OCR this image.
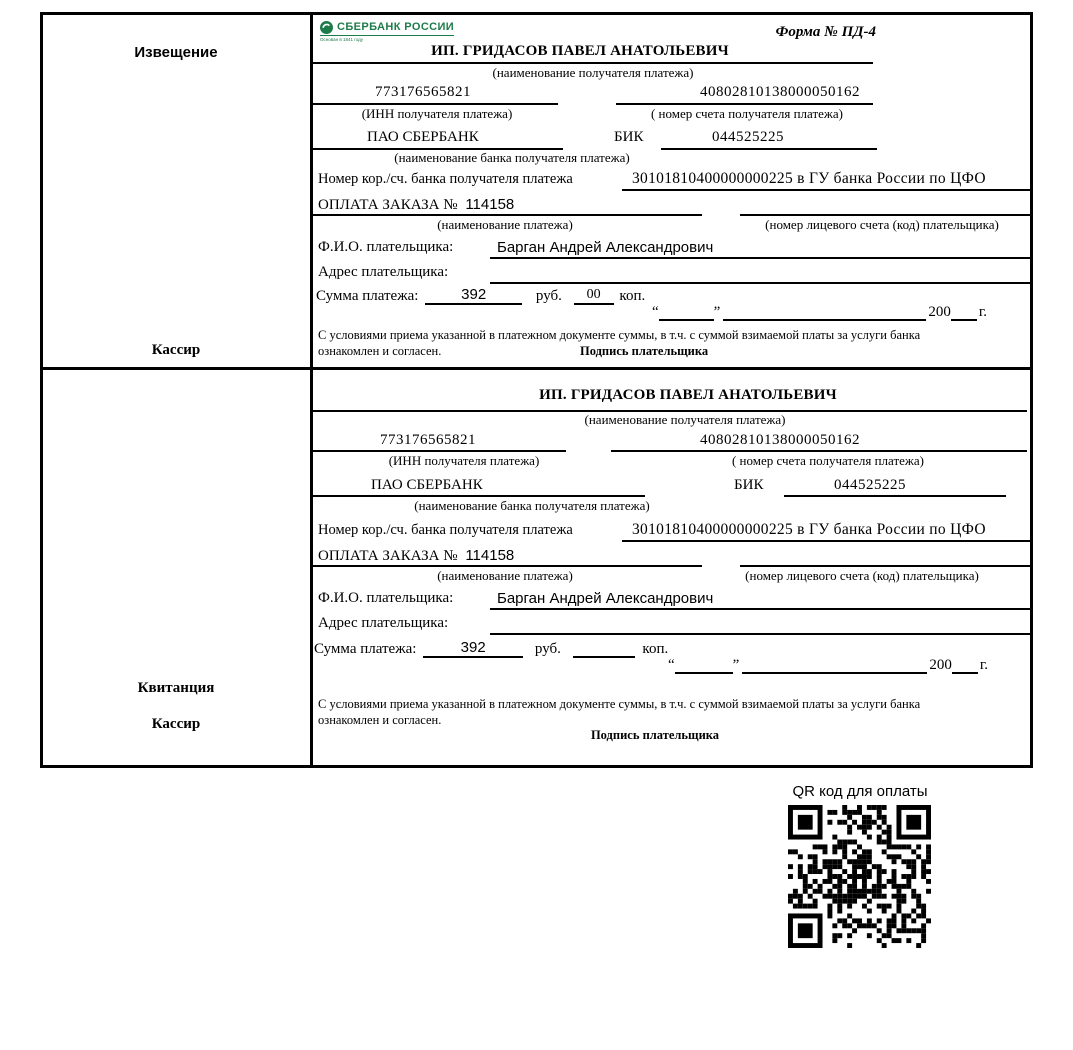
Извещение
Кассир
СБЕРБАНК РОССИИ
Основан в 1841 году	Форма № ПД-4
ИП. ГРИДАСОВ ПАВЕЛ АНАТОЛЬЕВИЧ
(наименование получателя платежа)
773176565821	40802810138000050162
(ИНН получателя платежа)	( номер счета получателя платежа)
ПАО СБЕРБАНК	БИК	044525225
(наименование банка получателя платежа)
Номер кор./сч. банка получателя платежа	30101810400000000225 в ГУ банка России по ЦФО
ОПЛАТА ЗАКАЗА № 114158
(наименование платежа)	(номер лицевого счета (код) плательщика)
Ф.И.О. плательщика:	Барган Андрей Александрович
Адрес плательщика:
Сумма платежа:	392	руб. 00 коп.
“	”	200 г.
С условиями приема указанной в платежном документе суммы, в т.ч. с суммой взимаемой платы за услуги банка
ознакомлен и согласен.	Подпись плательщика
Квитанция
Кассир
ИП. ГРИДАСОВ ПАВЕЛ АНАТОЛЬЕВИЧ
(наименование получателя платежа)
773176565821	40802810138000050162
(ИНН получателя платежа)	( номер счета получателя платежа)
ПАО СБЕРБАНК	БИК	044525225
(наименование банка получателя платежа)
Номер кор./сч. банка получателя платежа	30101810400000000225 в ГУ банка России по ЦФО
ОПЛАТА ЗАКАЗА № 114158
(наименование платежа)	(номер лицевого счета (код) плательщика)
Ф.И.О. плательщика:	Барган Андрей Александрович
Адрес плательщика:
Сумма платежа:	392	руб.	коп.
“	”	200 г.
С условиями приема указанной в платежном документе суммы, в т.ч. с суммой взимаемой платы за услуги банка
ознакомлен и согласен.
Подпись плательщика
QR код для оплаты
